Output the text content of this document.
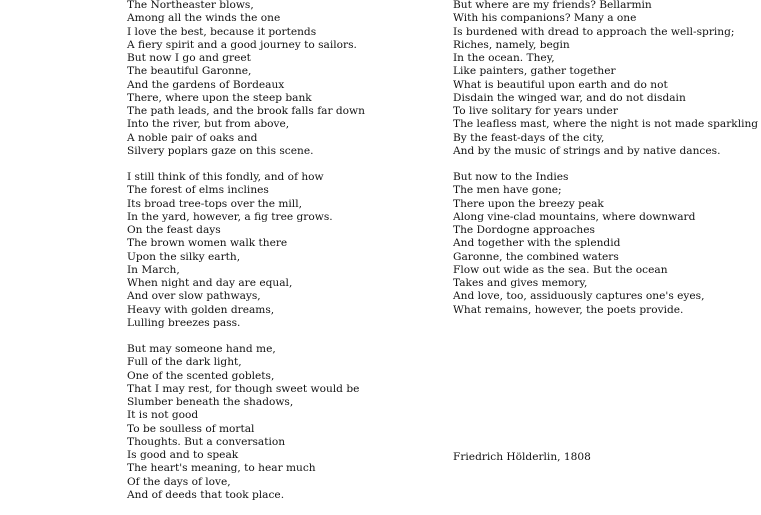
The Northeaster blows,
Among all the winds the one
I love the best, because it portends
A fiery spirit and a good journey to sailors.
But now I go and greet
The beautiful Garonne,
And the gardens of Bordeaux
There, where upon the steep bank
The path leads, and the brook falls far down
Into the river, but from above,
A noble pair of oaks and
Silvery poplars gaze on this scene.
I still think of this fondly, and of how
The forest of elms inclines
Its broad tree-tops over the mill,
In the yard, however, a fig tree grows.
On the feast days
The brown women walk there
Upon the silky earth,
In March,
When night and day are equal,
And over slow pathways,
Heavy with golden dreams,
Lulling breezes pass.
But may someone hand me,
Full of the dark light,
One of the scented goblets,
That I may rest, for though sweet would be
Slumber beneath the shadows,
It is not good
To be soulless of mortal
Thoughts. But a conversation
Is good and to speak
The heart's meaning, to hear much
Of the days of love,
And of deeds that took place.
But where are my friends? Bellarmin
With his companions? Many a one
Is burdened with dread to approach the well-spring;
Riches, namely, begin
In the ocean. They,
Like painters, gather together
What is beautiful upon earth and do not
Disdain the winged war, and do not disdain
To live solitary for years under
The leafless mast, where the night is not made sparkling
By the feast-days of the city,
And by the music of strings and by native dances.
But now to the Indies
The men have gone;
There upon the breezy peak
Along vine-clad mountains, where downward
The Dordogne approaches
And together with the splendid
Garonne, the combined waters
Flow out wide as the sea. But the ocean
Takes and gives memory,
And love, too, assiduously captures one's eyes,
What remains, however, the poets provide.
Friedrich Hölderlin, 1808
